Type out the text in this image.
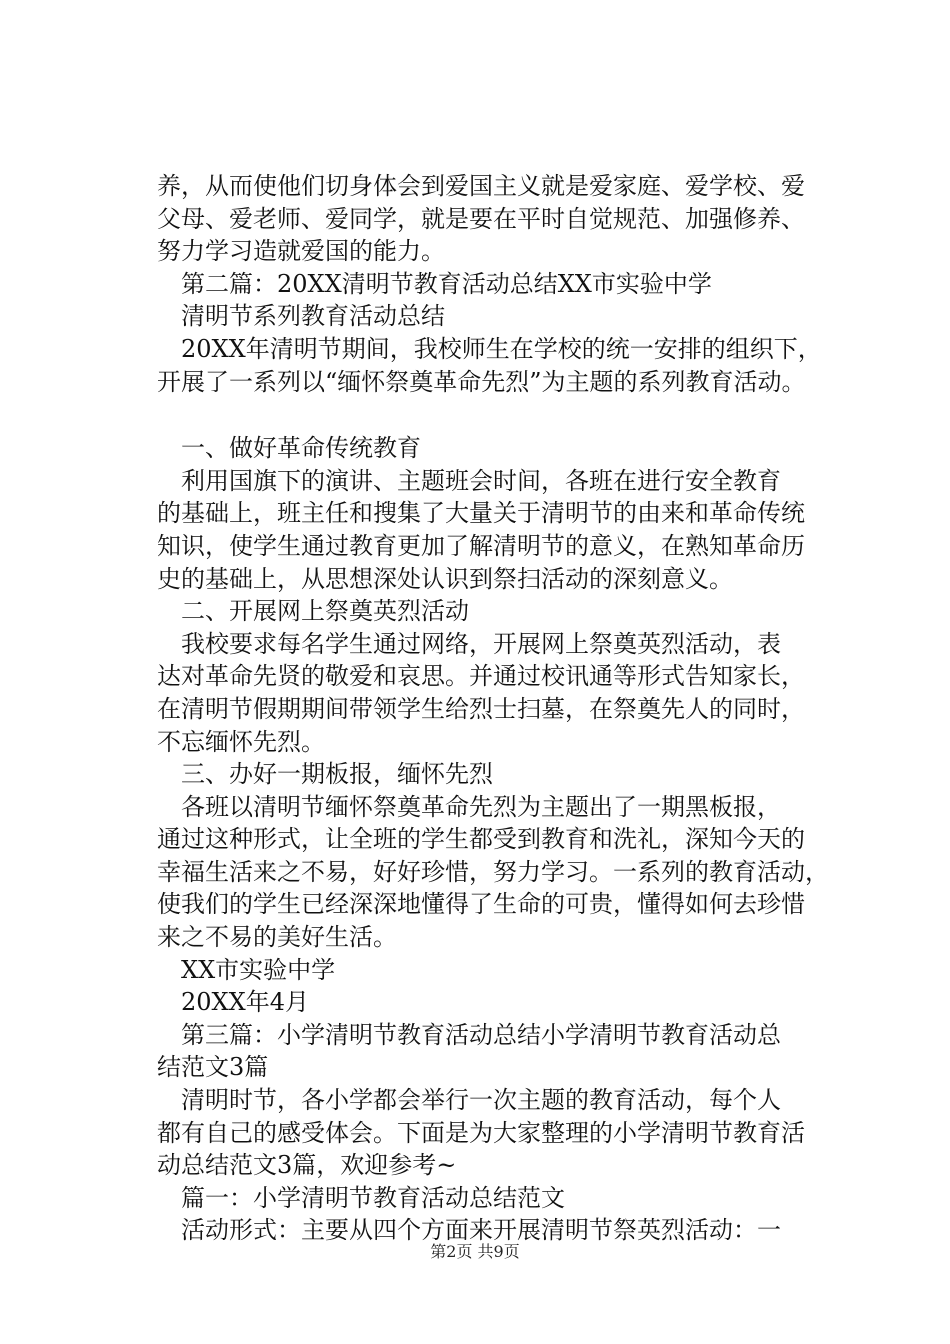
养，从而使他们切身体会到爱国主义就是爱家庭、爱学校、爱
父母、爱老师、爱同学，就是要在平时自觉规范、加强修养、
努力学习造就爱国的能力。
第二篇：20XX清明节教育活动总结XX市实验中学
清明节系列教育活动总结
20XX年清明节期间，我校师生在学校的统一安排的组织下，
开展了一系列以“缅怀祭奠革命先烈”为主题的系列教育活动。
一、做好革命传统教育
利用国旗下的演讲、主题班会时间，各班在进行安全教育
的基础上，班主任和搜集了大量关于清明节的由来和革命传统
知识，使学生通过教育更加了解清明节的意义，在熟知革命历
史的基础上，从思想深处认识到祭扫活动的深刻意义。
二、开展网上祭奠英烈活动
我校要求每名学生通过网络，开展网上祭奠英烈活动，表
达对革命先贤的敬爱和哀思。并通过校讯通等形式告知家长，
在清明节假期期间带领学生给烈士扫墓，在祭奠先人的同时，
不忘缅怀先烈。
三、办好一期板报，缅怀先烈
各班以清明节缅怀祭奠革命先烈为主题出了一期黑板报，
通过这种形式，让全班的学生都受到教育和洗礼，深知今天的
幸福生活来之不易，好好珍惜，努力学习。一系列的教育活动，
使我们的学生已经深深地懂得了生命的可贵，懂得如何去珍惜
来之不易的美好生活。
XX市实验中学
20XX年4月
第三篇：小学清明节教育活动总结小学清明节教育活动总
结范文3篇
清明时节，各小学都会举行一次主题的教育活动，每个人
都有自己的感受体会。下面是为大家整理的小学清明节教育活
动总结范文3篇，欢迎参考~
篇一：小学清明节教育活动总结范文
活动形式：主要从四个方面来开展清明节祭英烈活动：一
第2页 共9页
